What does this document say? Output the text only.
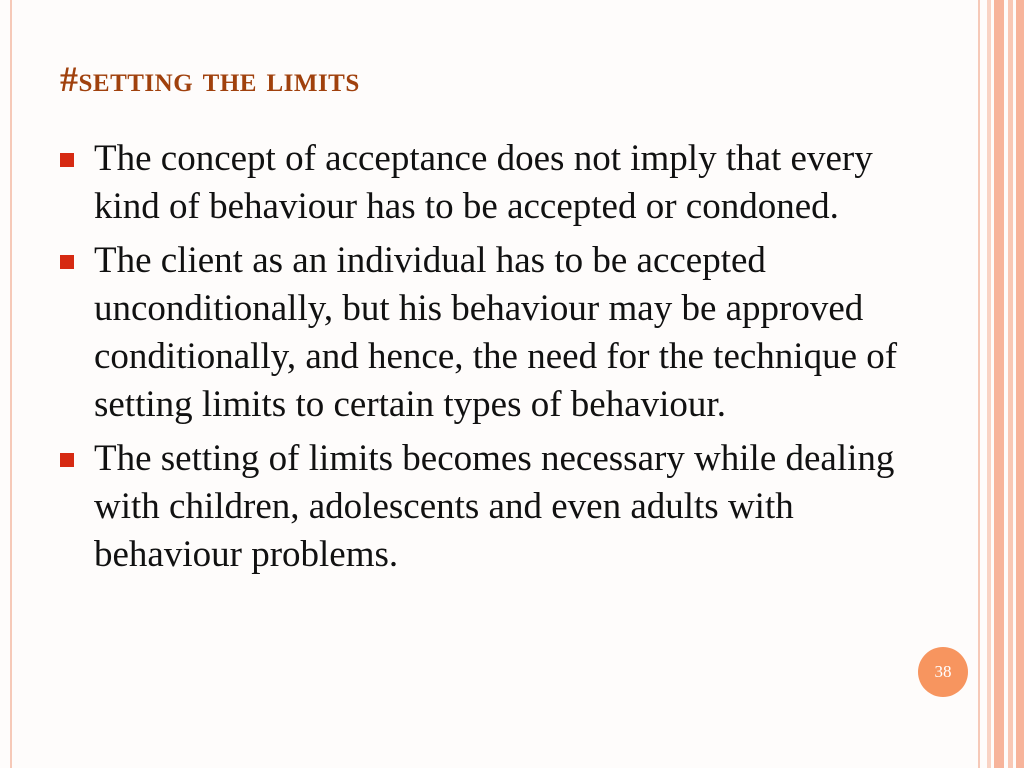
#setting the limits
The concept of acceptance does not imply that every kind of behaviour has to be accepted or condoned.
The client as an individual has to be accepted unconditionally, but his behaviour may be approved conditionally, and hence, the need for the technique of setting limits to certain types of behaviour.
The setting of limits becomes necessary while dealing with children, adolescents and even adults with behaviour problems.
38
